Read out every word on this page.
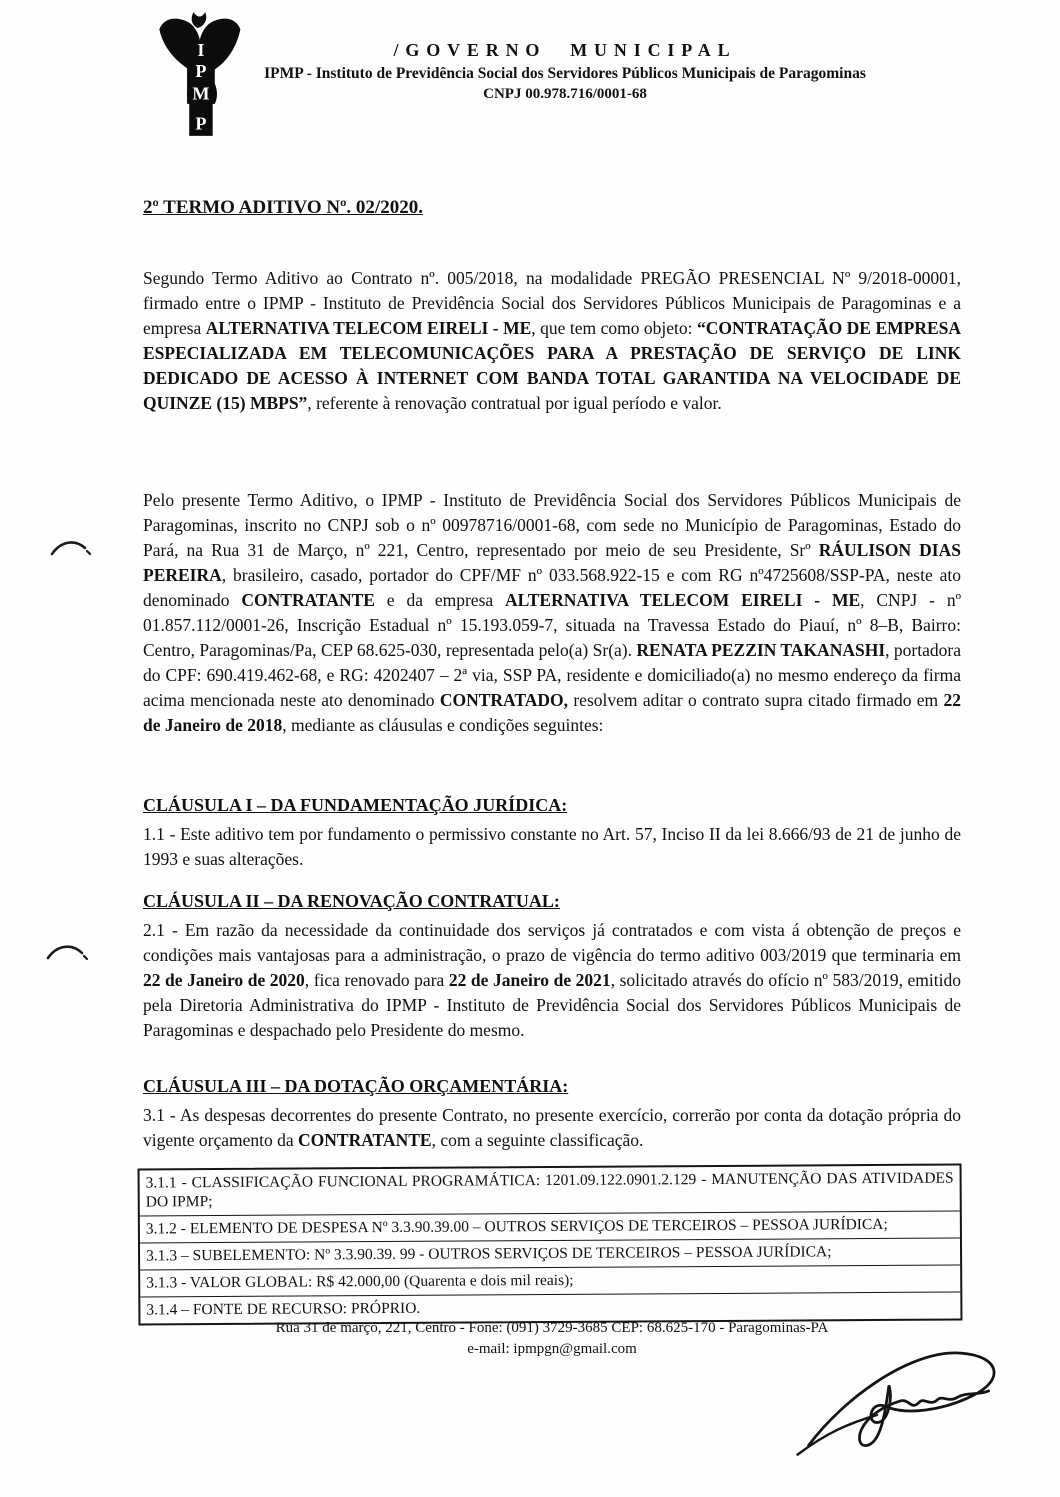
I
P
M
P
/GOVERNO MUNICIPAL
IPMP - Instituto de Previdência Social dos Servidores Públicos Municipais de Paragominas
CNPJ 00.978.716/0001-68
2º TERMO ADITIVO Nº. 02/2020.
Segundo Termo Aditivo ao Contrato nº. 005/2018, na modalidade PREGÃO PRESENCIAL Nº 9/2018-00001, firmado entre o IPMP - Instituto de Previdência Social dos Servidores Públicos Municipais de Paragominas e a empresa ALTERNATIVA TELECOM EIRELI - ME, que tem como objeto: “CONTRATAÇÃO DE EMPRESA ESPECIALIZADA EM TELECOMUNICAÇÕES PARA A PRESTAÇÃO DE SERVIÇO DE LINK DEDICADO DE ACESSO À INTERNET COM BANDA TOTAL GARANTIDA NA VELOCIDADE DE QUINZE (15) MBPS”, referente à renovação contratual por igual período e valor.
Pelo presente Termo Aditivo, o IPMP - Instituto de Previdência Social dos Servidores Públicos Municipais de Paragominas, inscrito no CNPJ sob o nº 00978716/0001-68, com sede no Município de Paragominas, Estado do Pará, na Rua 31 de Março, nº 221, Centro, representado por meio de seu Presidente, Srº RÁULISON DIAS PEREIRA, brasileiro, casado, portador do CPF/MF nº 033.568.922-15 e com RG nº4725608/SSP-PA, neste ato denominado CONTRATANTE e da empresa ALTERNATIVA TELECOM EIRELI - ME, CNPJ - nº 01.857.112/0001-26, Inscrição Estadual nº 15.193.059-7, situada na Travessa Estado do Piauí, nº 8–B, Bairro: Centro, Paragominas/Pa, CEP 68.625-030, representada pelo(a) Sr(a). RENATA PEZZIN TAKANASHI, portadora do CPF: 690.419.462-68, e RG: 4202407 – 2ª via, SSP PA, residente e domiciliado(a) no mesmo endereço da firma acima mencionada neste ato denominado CONTRATADO, resolvem aditar o contrato supra citado firmado em 22 de Janeiro de 2018, mediante as cláusulas e condições seguintes:
CLÁUSULA I – DA FUNDAMENTAÇÃO JURÍDICA:
1.1 - Este aditivo tem por fundamento o permissivo constante no Art. 57, Inciso II da lei 8.666/93 de 21 de junho de 1993 e suas alterações.
CLÁUSULA II – DA RENOVAÇÃO CONTRATUAL:
2.1 - Em razão da necessidade da continuidade dos serviços já contratados e com vista á obtenção de preços e condições mais vantajosas para a administração, o prazo de vigência do termo aditivo 003/2019 que terminaria em 22 de Janeiro de 2020, fica renovado para 22 de Janeiro de 2021, solicitado através do ofício nº 583/2019, emitido pela Diretoria Administrativa do IPMP - Instituto de Previdência Social dos Servidores Públicos Municipais de Paragominas e despachado pelo Presidente do mesmo.
CLÁUSULA III – DA DOTAÇÃO ORÇAMENTÁRIA:
3.1 - As despesas decorrentes do presente Contrato, no presente exercício, correrão por conta da dotação própria do vigente orçamento da CONTRATANTE, com a seguinte classificação.
3.1.1 - CLASSIFICAÇÃO FUNCIONAL PROGRAMÁTICA: 1201.09.122.0901.2.129 - MANUTENÇÃO DAS ATIVIDADES DO IPMP;
3.1.2 - ELEMENTO DE DESPESA Nº 3.3.90.39.00 – OUTROS SERVIÇOS DE TERCEIROS – PESSOA JURÍDICA;
3.1.3 – SUBELEMENTO: Nº 3.3.90.39. 99 - OUTROS SERVIÇOS DE TERCEIROS – PESSOA JURÍDICA;
3.1.3 - VALOR GLOBAL: R$ 42.000,00 (Quarenta e dois mil reais);
3.1.4 – FONTE DE RECURSO: PRÓPRIO.
Rua 31 de março, 221, Centro - Fone: (091) 3729-3685 CEP: 68.625-170 - Paragominas-PA
e-mail: ipmpgn@gmail.com
